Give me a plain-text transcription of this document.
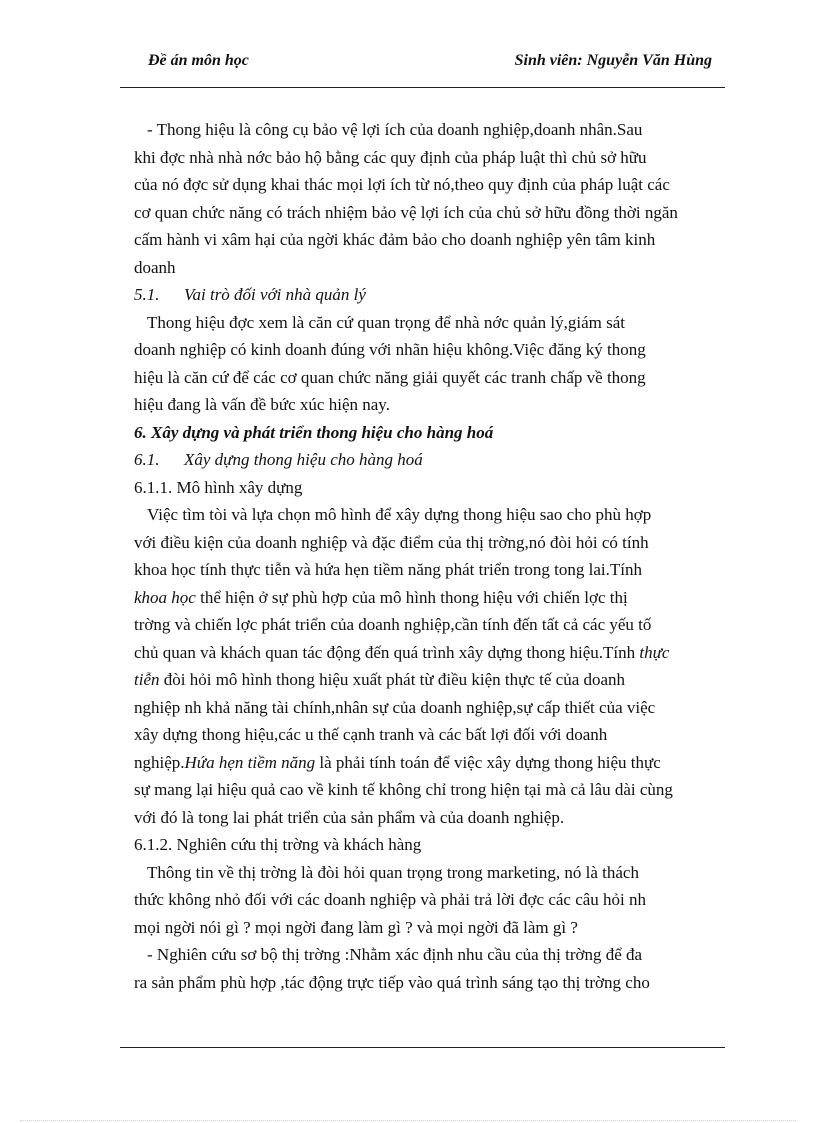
Đề án môn học	Sinh viên: Nguyễn Văn Hùng
- Thong hiệu là công cụ bảo vệ lợi ích của doanh nghiệp,doanh nhân.Sau
khi đợc nhà nhà nớc bảo hộ bằng các quy định của pháp luật thì chủ sở hữu
của nó đợc sử dụng khai thác mọi lợi ích từ nó,theo quy định của pháp luật các
cơ quan chức năng có trách nhiệm bảo vệ lợi ích của chủ sở hữu đồng thời ngăn
cấm hành vi xâm hại của ngời khác đảm bảo cho doanh nghiệp yên tâm kinh
doanh
5.1. Vai trò đối với nhà quản lý
Thong hiệu đợc xem là căn cứ quan trọng để nhà nớc quản lý,giám sát
doanh nghiệp có kinh doanh đúng với nhãn hiệu không.Việc đăng ký thong
hiệu là căn cứ để các cơ quan chức năng giải quyết các tranh chấp về thong
hiệu đang là vấn đề bức xúc hiện nay.
6. Xây dựng và phát triển thong hiệu cho hàng hoá
6.1. Xây dựng thong hiệu cho hàng hoá
6.1.1. Mô hình xây dựng
Việc tìm tòi và lựa chọn mô hình để xây dựng thong hiệu sao cho phù hợp
với điều kiện của doanh nghiệp và đặc điểm của thị trờng,nó đòi hỏi có tính
khoa học tính thực tiễn và hứa hẹn tiềm năng phát triển trong tong lai.Tính
khoa học thể hiện ở sự phù hợp của mô hình thong hiệu với chiến lợc thị
trờng và chiến lợc phát triển của doanh nghiệp,cần tính đến tất cả các yếu tố
chủ quan và khách quan tác động đến quá trình xây dựng thong hiệu.Tính thực
tiễn đòi hỏi mô hình thong hiệu xuất phát từ điều kiện thực tế của doanh
nghiệp nh khả năng tài chính,nhân sự của doanh nghiệp,sự cấp thiết của việc
xây dựng thong hiệu,các u thế cạnh tranh và các bất lợi đối với doanh
nghiệp.Hứa hẹn tiềm năng là phải tính toán để việc xây dựng thong hiệu thực
sự mang lại hiệu quả cao về kinh tế không chỉ trong hiện tại mà cả lâu dài cùng
với đó là tong lai phát triển của sản phẩm và của doanh nghiệp.
6.1.2. Nghiên cứu thị trờng và khách hàng
Thông tin về thị trờng là đòi hỏi quan trọng trong marketing, nó là thách
thức không nhỏ đối với các doanh nghiệp và phải trả lời đợc các câu hỏi nh
mọi ngời nói gì ? mọi ngời đang làm gì ? và mọi ngời đã làm gì ?
- Nghiên cứu sơ bộ thị trờng :Nhằm xác định nhu cầu của thị trờng để đa
ra sản phẩm phù hợp ,tác động trực tiếp vào quá trình sáng tạo thị trờng cho
